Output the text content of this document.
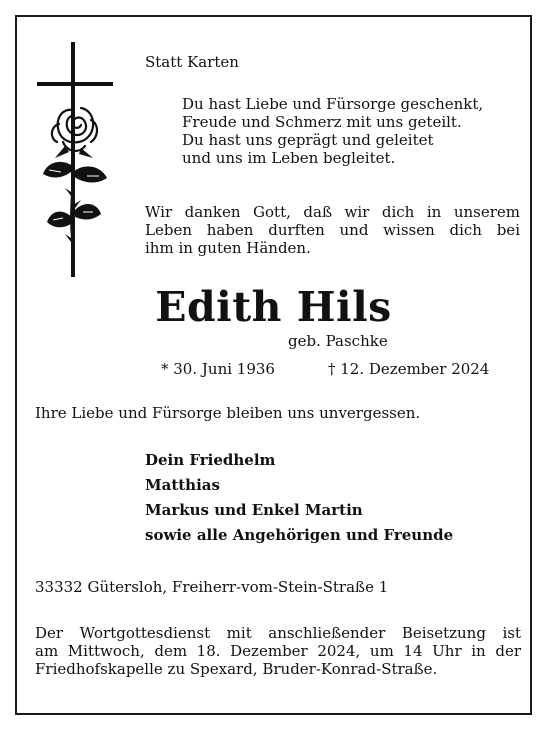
Statt Karten
Du hast Liebe und Fürsorge geschenkt,
Freude und Schmerz mit uns geteilt.
Du hast uns geprägt und geleitet
und uns im Leben begleitet.
Wir danken Gott, daß wir dich in unserem
Leben haben durften und wissen dich bei
ihm in guten Händen.
Edith Hils
geb. Paschke
* 30. Juni 1936	† 12. Dezember 2024
Ihre Liebe und Fürsorge bleiben uns unvergessen.
Dein Friedhelm
Matthias
Markus und Enkel Martin
sowie alle Angehörigen und Freunde
33332 Gütersloh, Freiherr-vom-Stein-Straße 1
Der Wortgottesdienst mit anschließender Beisetzung ist
am Mittwoch, dem 18. Dezember 2024, um 14 Uhr in der
Friedhofskapelle zu Spexard, Bruder-Konrad-Straße.
